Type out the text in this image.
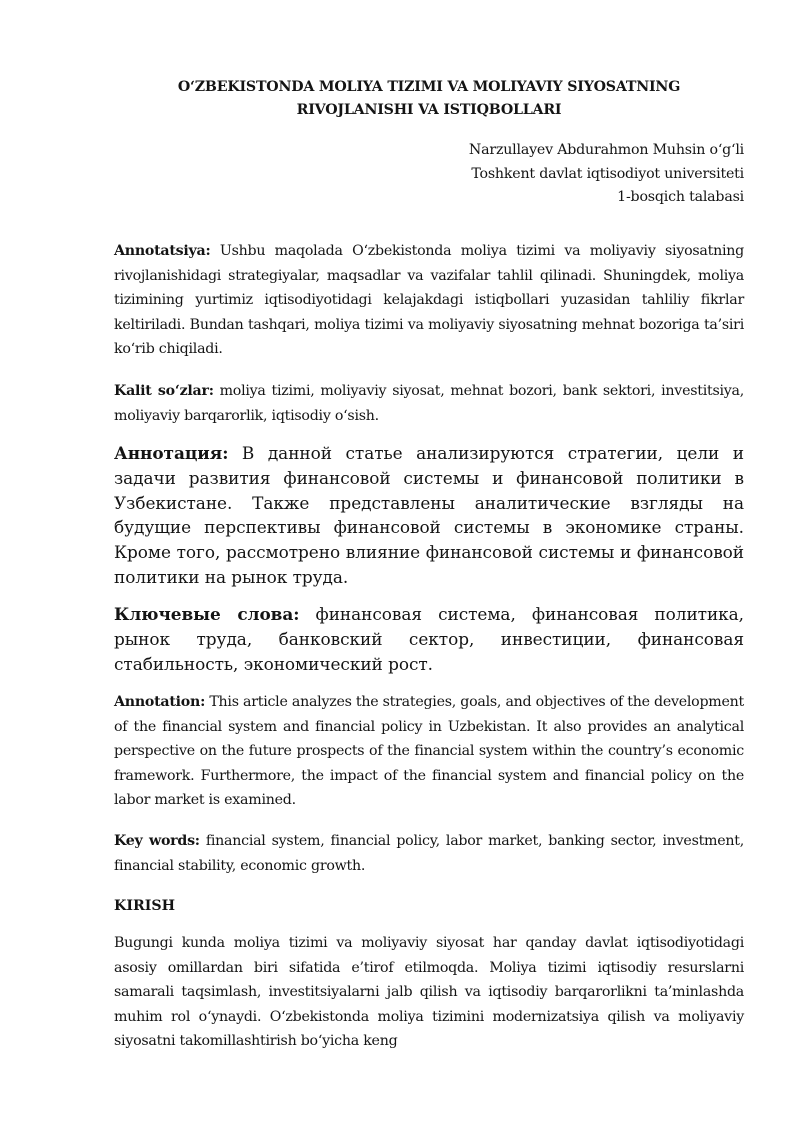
O‘ZBEKISTONDA MOLIYA TIZIMI VA MOLIYAVIY SIYOSATNING
RIVOJLANISHI VA ISTIQBOLLARI
Narzullayev Abdurahmon Muhsin o‘g‘li
Toshkent davlat iqtisodiyot universiteti
1-bosqich talabasi

Annotatsiya: Ushbu maqolada O‘zbekistonda moliya tizimi va moliyaviy siyosatning rivojlanishidagi strategiyalar, maqsadlar va vazifalar tahlil qilinadi. Shuningdek, moliya tizimining yurtimiz iqtisodiyotidagi kelajakdagi istiqbollari yuzasidan tahliliy fikrlar keltiriladi. Bundan tashqari, moliya tizimi va moliyaviy siyosatning mehnat bozoriga ta’siri ko‘rib chiqiladi.

Kalit so‘zlar: moliya tizimi, moliyaviy siyosat, mehnat bozori, bank sektori, investitsiya, moliyaviy barqarorlik, iqtisodiy o‘sish.

Аннотация: В данной статье анализируются стратегии, цели и задачи развития финансовой системы и финансовой политики в Узбекистане. Также представлены аналитические взгляды на будущие перспективы финансовой системы в экономике страны. Кроме того, рассмотрено влияние финансовой системы и финансовой политики на рынок труда.

Ключевые слова: финансовая система, финансовая политика, рынок труда, банковский сектор, инвестиции, финансовая стабильность, экономический рост.

Annotation: This article analyzes the strategies, goals, and objectives of the development of the financial system and financial policy in Uzbekistan. It also provides an analytical perspective on the future prospects of the financial system within the country’s economic framework. Furthermore, the impact of the financial system and financial policy on the labor market is examined.

Key words: financial system, financial policy, labor market, banking sector, investment, financial stability, economic growth.

KIRISH

Bugungi kunda moliya tizimi va moliyaviy siyosat har qanday davlat iqtisodiyotidagi asosiy omillardan biri sifatida e’tirof etilmoqda. Moliya tizimi iqtisodiy resurslarni samarali taqsimlash, investitsiyalarni jalb qilish va iqtisodiy barqarorlikni ta’minlashda muhim rol o‘ynaydi. O‘zbekistonda moliya tizimini modernizatsiya qilish va moliyaviy siyosatni takomillashtirish bo‘yicha keng
